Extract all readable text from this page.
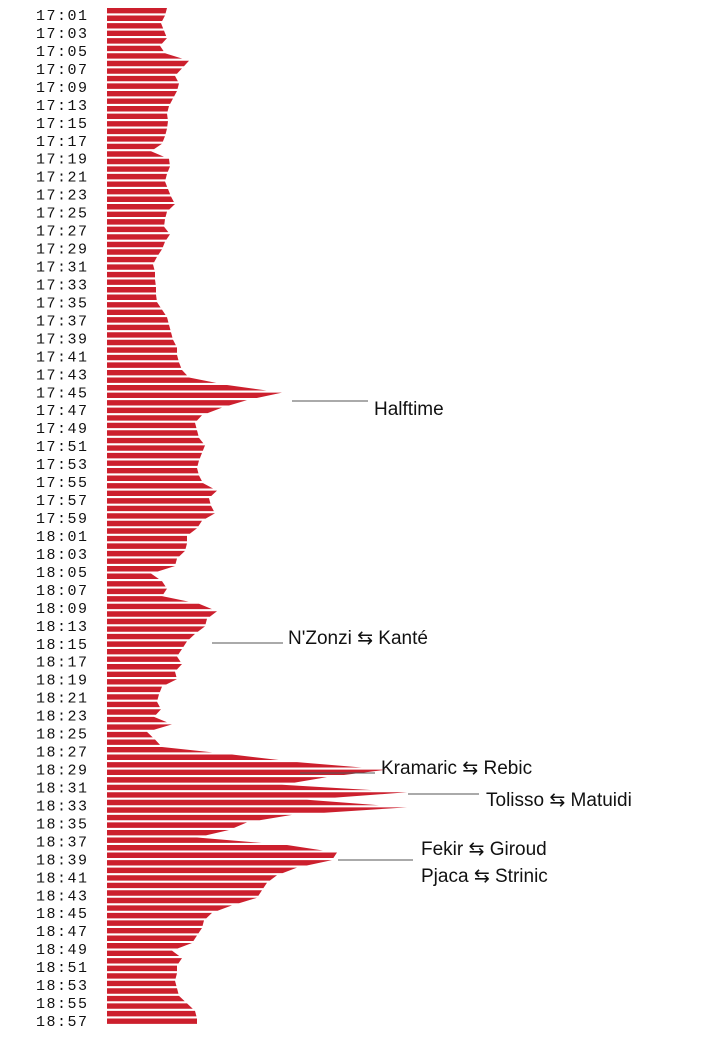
17:01
17:03
17:05
17:07
17:09
17:13
17:15
17:17
17:19
17:21
17:23
17:25
17:27
17:29
17:31
17:33
17:35
17:37
17:39
17:41
17:43
17:45
17:47
17:49
17:51
17:53
17:55
17:57
17:59
18:01
18:03
18:05
18:07
18:09
18:13
18:15
18:17
18:19
18:21
18:23
18:25
18:27
18:29
18:31
18:33
18:35
18:37
18:39
18:41
18:43
18:45
18:47
18:49
18:51
18:53
18:55
18:57
Halftime
N'Zonzi ⇆ Kanté
Kramaric ⇆ Rebic
Tolisso ⇆ Matuidi
Fekir ⇆ Giroud
Pjaca ⇆ Strinic
